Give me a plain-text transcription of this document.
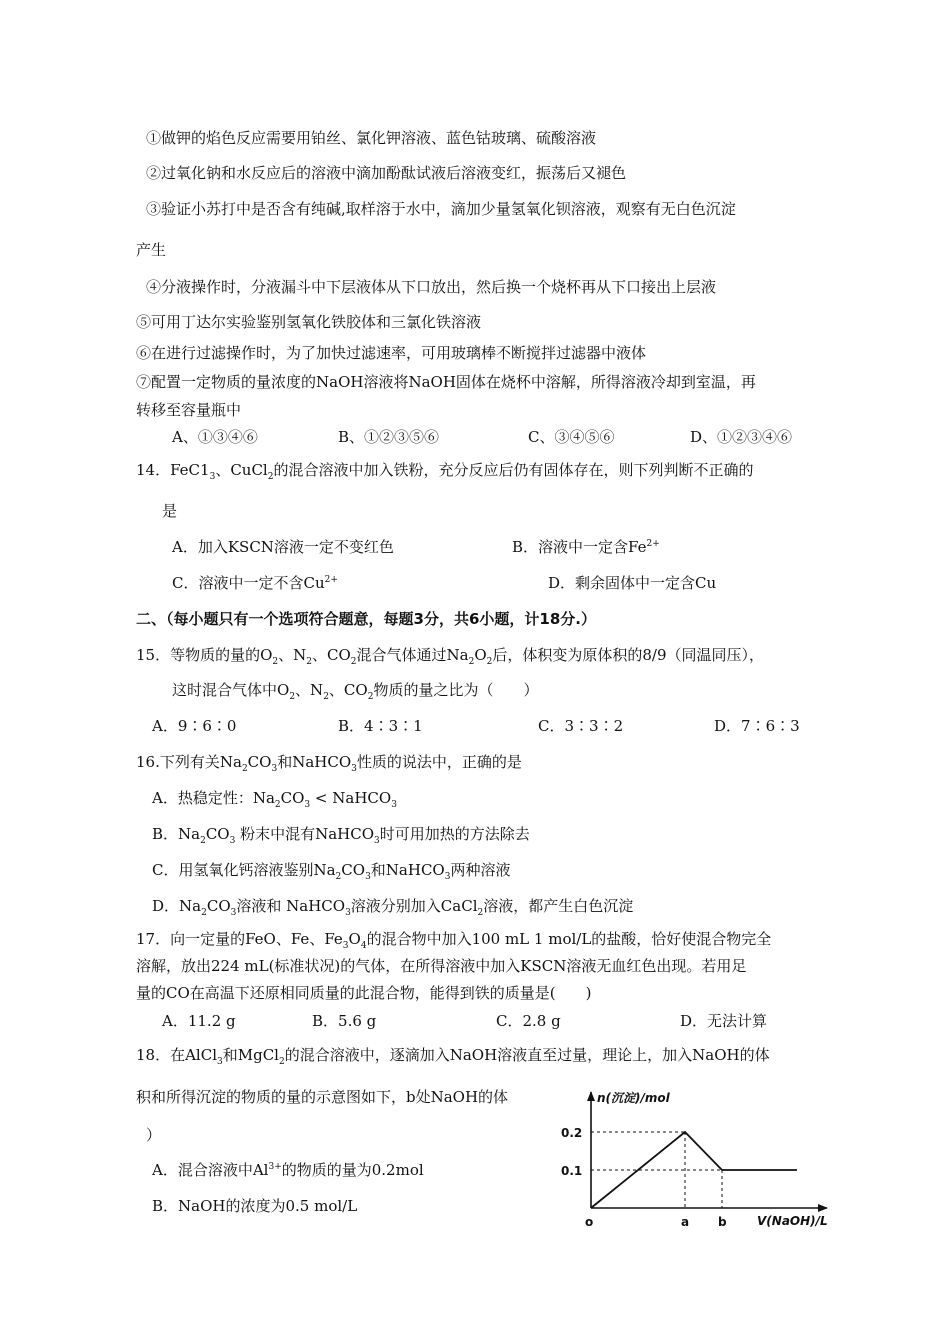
①做钾的焰色反应需要用铂丝、氯化钾溶液、蓝色钴玻璃、硫酸溶液
②过氧化钠和水反应后的溶液中滴加酚酞试液后溶液变红，振荡后又褪色
③验证小苏打中是否含有纯碱,取样溶于水中，滴加少量氢氧化钡溶液，观察有无白色沉淀
产生
④分液操作时，分液漏斗中下层液体从下口放出，然后换一个烧杯再从下口接出上层液
⑤可用丁达尔实验鉴别氢氧化铁胶体和三氯化铁溶液
⑥在进行过滤操作时，为了加快过滤速率，可用玻璃棒不断搅拌过滤器中液体
⑦配置一定物质的量浓度的NaOH溶液将NaOH固体在烧杯中溶解，所得溶液冷却到室温，再
转移至容量瓶中
A、①③④⑥	B、①②③⑤⑥	C、③④⑤⑥	D、①②③④⑥
14．$FeC1_3$、CuCl$_2$的混合溶液中加入铁粉，充分反应后仍有固体存在，则下列判断不正确的
是
A．加入KSCN溶液一定不变红色	B．溶液中一定含$Fe^{2+}$
C．溶液中一定不含$Cu^{2+}$	D．剩余固体中一定含Cu
二、（每小题只有一个选项符合题意，每题3分，共6小题，计18分.）
15．等物质的量的$O_2$、$N_2$、$CO_2$混合气体通过$Na_2O_2$后，体积变为原体积的8/9（同温同压），
这时混合气体中$O_2$、$N_2$、$CO_2$物质的量之比为（　　）
A．9∶6∶0	B．4∶3∶1	C．3∶3∶2	D．7∶6∶3
16.下列有关$Na_2CO_3$和NaHCO$_3$性质的说法中，正确的是
A．热稳定性：$Na_2CO_3$ < NaHCO$_3$
B．$Na_2CO_3$ 粉末中混有NaHCO$_3$时可用加热的方法除去
C．用氢氧化钙溶液鉴别$Na_2CO_3$和NaHCO$_3$两种溶液
D．$Na_2CO_3$溶液和 NaHCO$_3$溶液分别加入CaCl$_2$溶液，都产生白色沉淀
17．向一定量的FeO、Fe、$Fe_3O_4$的混合物中加入100 mL 1 mol/L的盐酸，恰好使混合物完全
溶解，放出224 mL(标准状况)的气体，在所得溶液中加入KSCN溶液无血红色出现。若用足
量的CO在高温下还原相同质量的此混合物，能得到铁的质量是(　　)
A．11.2 g	B．5.6 g	C．2.8 g	D．无法计算
18．在AlCl$_3$和MgCl$_2$的混合溶液中，逐滴加入NaOH溶液直至过量，理论上，加入NaOH的体
积和所得沉淀的物质的量的示意图如下，b处NaOH的体
）
A．混合溶液中$Al^{3+}$的物质的量为0.2mol
B．NaOH的浓度为0.5 mol/L
n(沉淀)/mol
V(NaOH)/L
o
0.2
0.1
a b
